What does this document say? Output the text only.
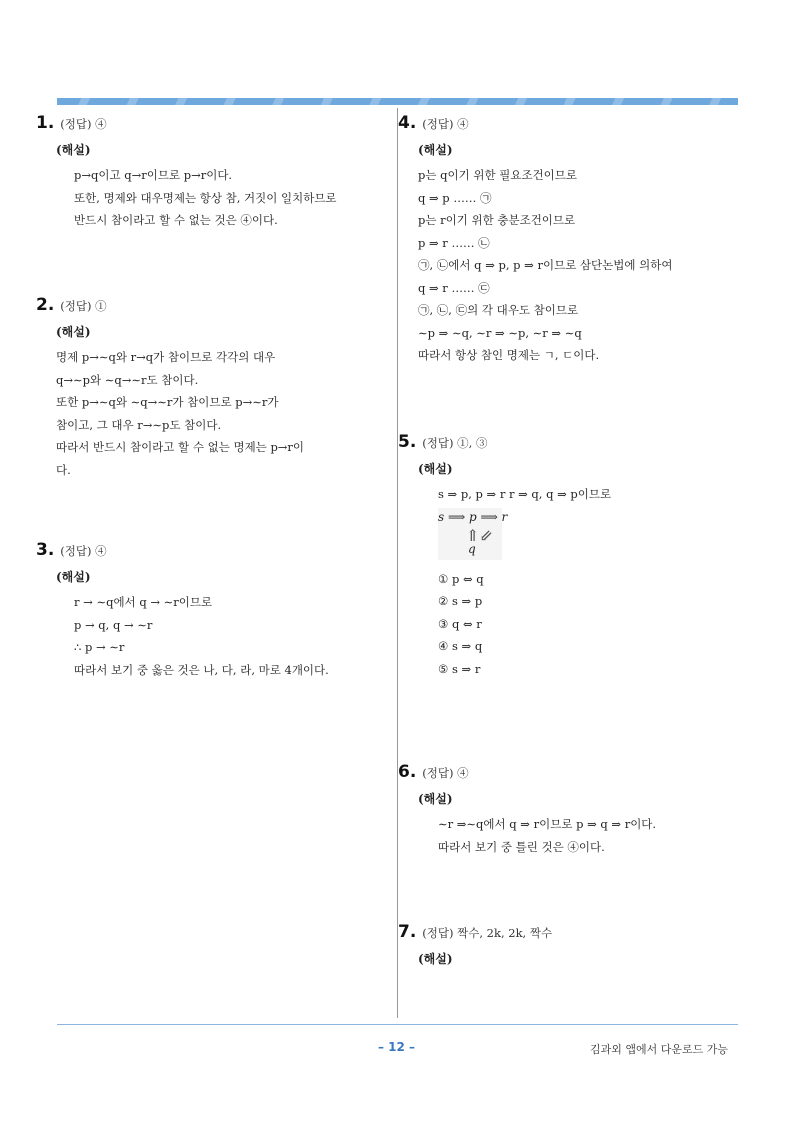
1. (정답) ④
(해설)
p→q이고 q→r이므로 p→r이다.
또한, 명제와 대우명제는 항상 참, 거짓이 일치하므로
반드시 참이라고 할 수 없는 것은 ④이다.
2. (정답) ①
(해설)
명제 p→∼q와 r→q가 참이므로 각각의 대우
q→∼p와 ∼q→∼r도 참이다.
또한 p→∼q와 ∼q→∼r가 참이므로 p→∼r가
참이고, 그 대우 r→∼p도 참이다.
따라서 반드시 참이라고 할 수 없는 명제는 p→r이
다.
3. (정답) ④
(해설)
r → ∼q에서 q → ∼r이므로
p → q, q → ∼r
∴ p → ∼r
따라서 보기 중 옳은 것은 나, 다, 라, 마로 4개이다.
4. (정답) ④
(해설)
p는 q이기 위한 필요조건이므로
q ⇒ p …… ㉠
p는 r이기 위한 충분조건이므로
p ⇒ r …… ㉡
㉠, ㉡에서 q ⇒ p, p ⇒ r이므로 삼단논법에 의하여
q ⇒ r …… ㉢
㉠, ㉡, ㉢의 각 대우도 참이므로
∼p ⇒ ∼q, ∼r ⇒ ∼p, ∼r ⇒ ∼q
따라서 항상 참인 명제는 ㄱ, ㄷ이다.
5. (정답) ①, ③
(해설)
s ⇒ p, p ⇒ r r ⇒ q, q ⇒ p이므로
s ⟹ p ⟹ r
⇑⇙
q
① p ⇔ q
② s ⇒ p
③ q ⇔ r
④ s ⇒ q
⑤ s ⇒ r
6. (정답) ④
(해설)
∼r ⇒∼q에서 q ⇒ r이므로 p ⇒ q ⇒ r이다.
따라서 보기 중 틀린 것은 ④이다.
7. (정답) 짝수, 2k, 2k, 짝수
(해설)
– 12 –	김과외 앱에서 다운로드 가능
